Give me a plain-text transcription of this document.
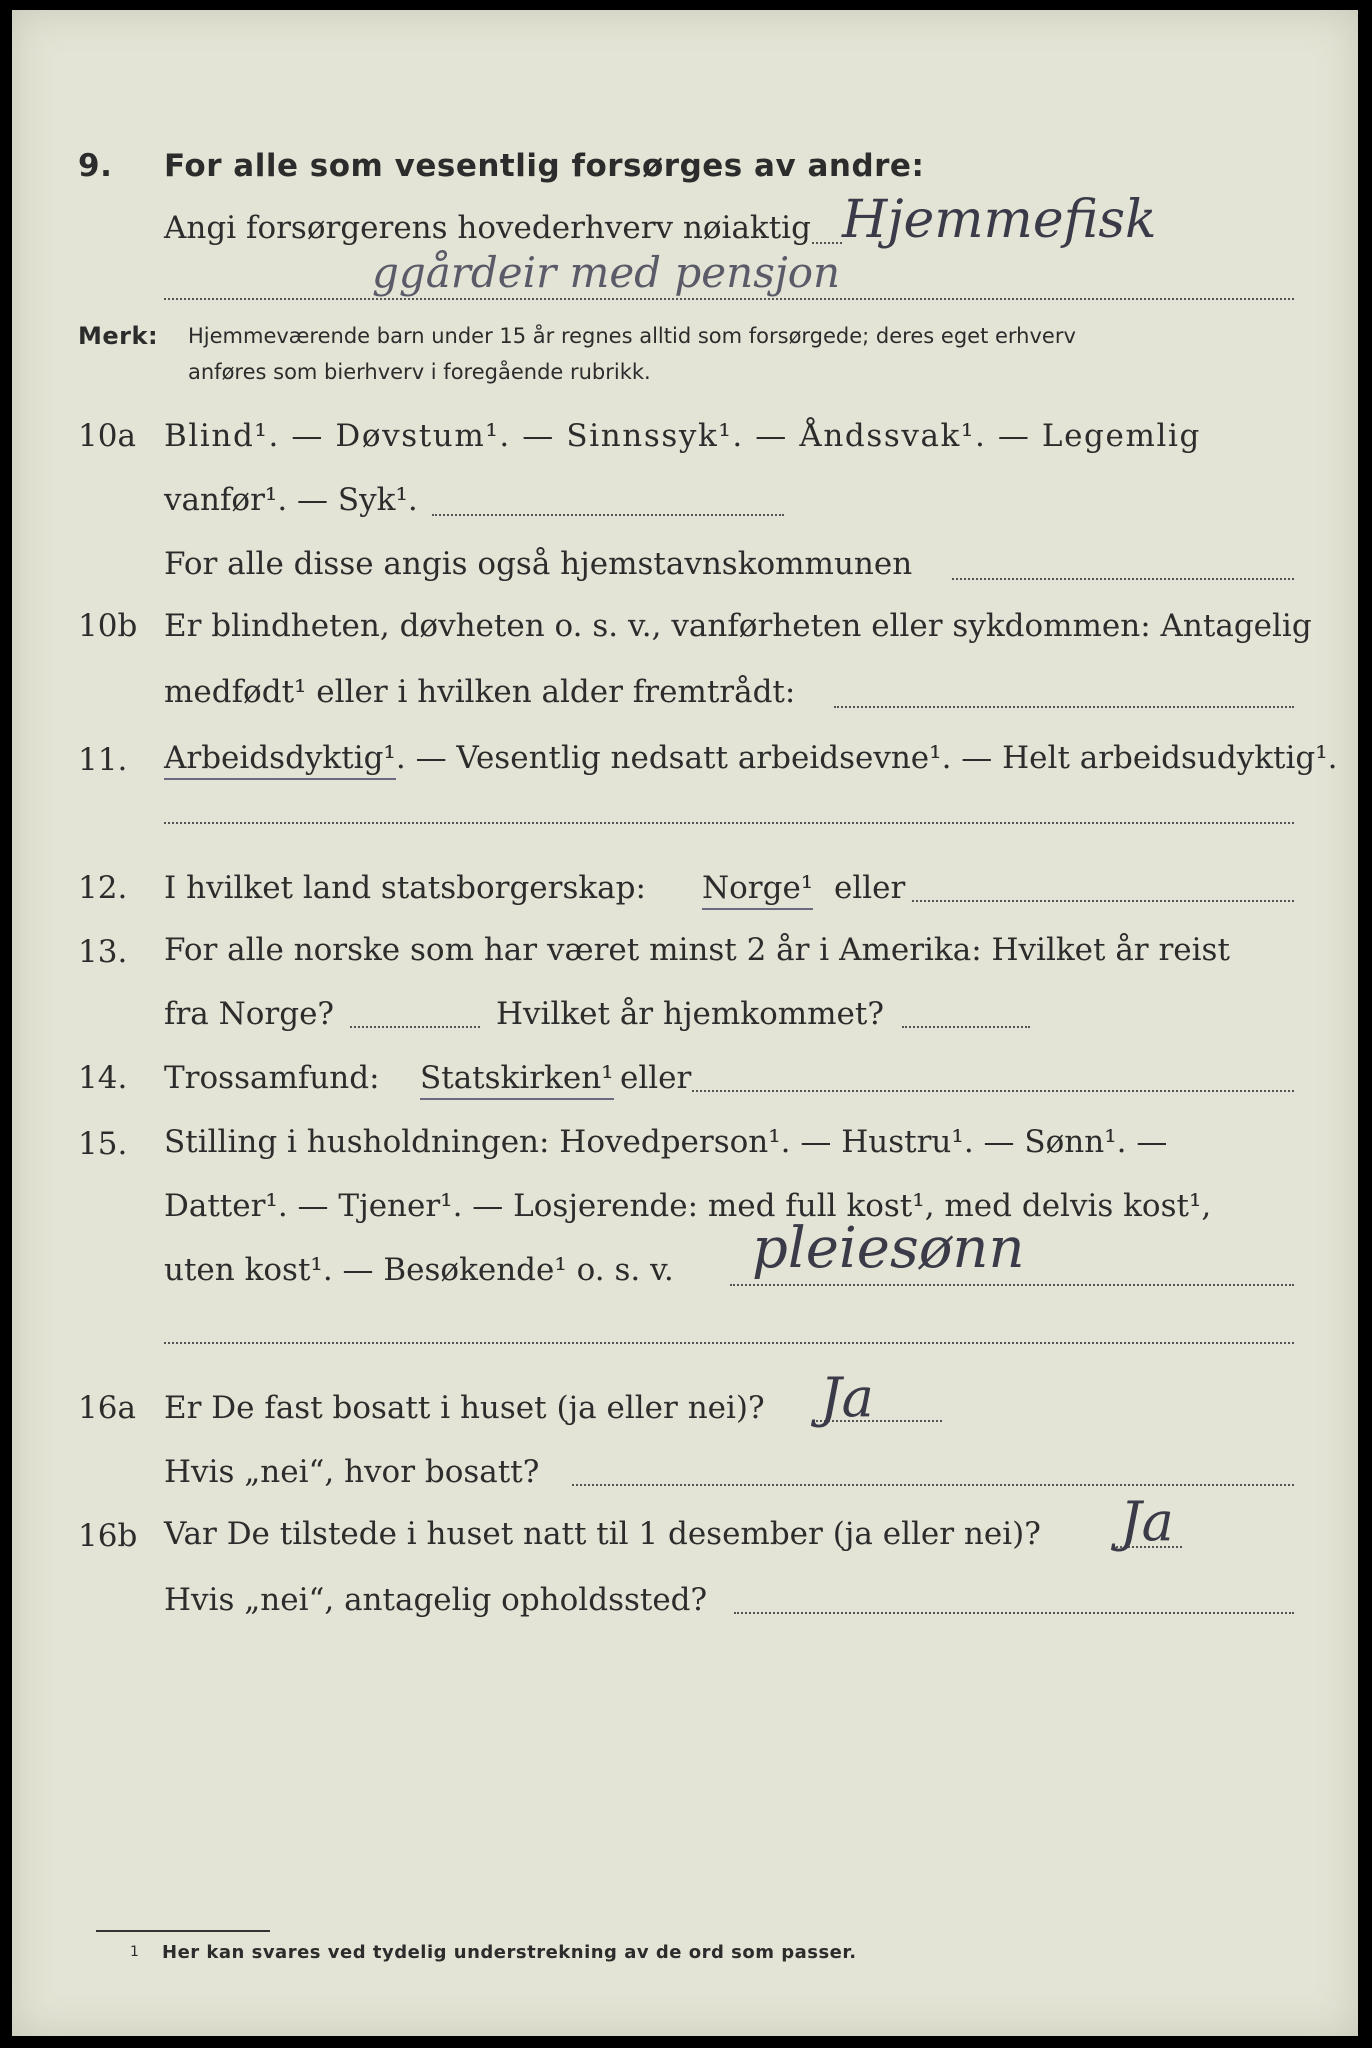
9. For alle som vesentlig forsørges av andre:
Angi forsørgerens hovederhverv nøiaktig Hjemmefisk
ggårdeir med pensjon
Merk: Hjemmeværende barn under 15 år regnes alltid som forsørgede; deres eget erhverv
anføres som bierhverv i foregående rubrikk.
10a Blind¹. — Døvstum¹. — Sinnssyk¹. — Åndssvak¹. — Legemlig
vanfør¹. — Syk¹.
For alle disse angis også hjemstavnskommunen
10b Er blindheten, døvheten o. s. v., vanførheten eller sykdommen: Antagelig
medfødt¹ eller i hvilken alder fremtrådt:
11. Arbeidsdyktig¹. — Vesentlig nedsatt arbeidsevne¹. — Helt arbeidsudyktig¹.
12. I hvilket land statsborgerskap: Norge¹ eller
13. For alle norske som har været minst 2 år i Amerika: Hvilket år reist
fra Norge?	Hvilket år hjemkommet?
14. Trossamfund: Statskirken¹ eller
15. Stilling i husholdningen: Hovedperson¹. — Hustru¹. — Sønn¹. —
Datter¹. — Tjener¹. — Losjerende: med full kost¹, med delvis kost¹,
uten kost¹. — Besøkende¹ o. s. v. pleiesønn
16a Er De fast bosatt i huset (ja eller nei)? Ja
Hvis „nei“, hvor bosatt?
16b Var De tilstede i huset natt til 1 desember (ja eller nei)? Ja
Hvis „nei“, antagelig opholdssted?
1 Her kan svares ved tydelig understrekning av de ord som passer.
